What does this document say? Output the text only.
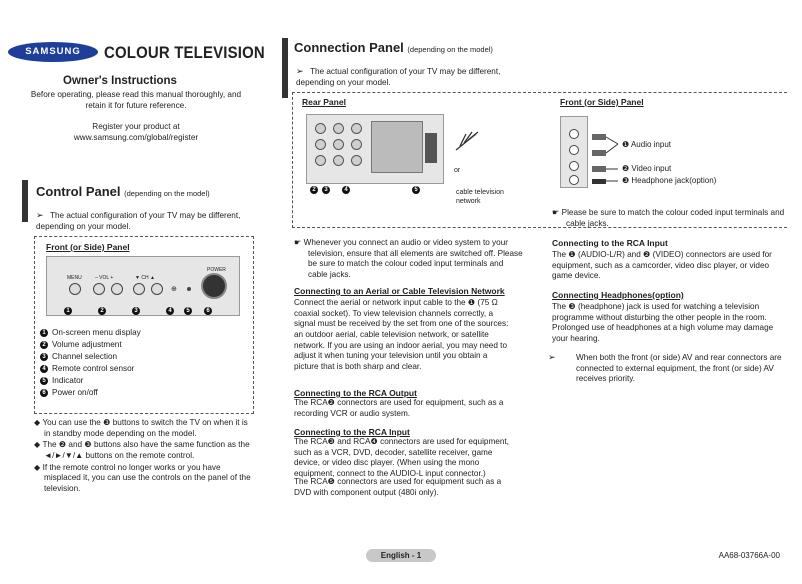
SAMSUNG	COLOUR TELEVISION
Owner's Instructions
Before operating, please read this manual thoroughly, and retain it for future reference.
Register your product at www.samsung.com/global/register
Control Panel (depending on the model)
➢ The actual configuration of your TV may be different, depending on your model.
Front (or Side) Panel
MENU	– VOL +	▼ CH ▲
⊕
POWER
1	2	3	4 5	6
1 On-screen menu display
2 Volume adjustment
3 Channel selection
4 Remote control sensor
5 Indicator
6 Power on/off
◆ You can use the ❸ buttons to switch the TV on when it is in standby mode depending on the model.
◆ The ❷ and ❸ buttons also have the same function as the ◄/►/▼/▲ buttons on the remote control.
◆ If the remote control no longer works or you have misplaced it, you can use the controls on the panel of the television.
Connection Panel (depending on the model)
➢ The actual configuration of your TV may be different, depending on your model.
Rear Panel
or
cable television network
2 3	4	5
Front (or Side) Panel
❶ Audio input
❷ Video input
❸ Headphone jack(option)
☛ Whenever you connect an audio or video system to your television, ensure that all elements are switched off. Please be sure to match the colour coded input terminals and cable jacks.
Connecting to an Aerial or Cable Television Network
Connect the aerial or network input cable to the ❶ (75 Ω coaxial socket). To view television channels correctly, a signal must be received by the set from one of the sources: an outdoor aerial, cable television network, or satellite network. If you are using an indoor aerial, you may need to adjust it when tuning your television until you obtain a picture that is both sharp and clear.
Connecting to the RCA Output
The RCA❷ connectors are used for equipment, such as a recording VCR or audio system.
Connecting to the RCA Input
The RCA❸ and RCA❹ connectors are used for equipment, such as a VCR, DVD, decoder, satellite receiver, game device, or video disc player. (When using the mono equipment, connect to the AUDIO-L input connector.)
The RCA❺ connectors are used for equipment such as a DVD with component output (480i only).
☛ Please be sure to match the colour coded input terminals and cable jacks.
Connecting to the RCA Input
The ❶ (AUDIO-L/R) and ❷ (VIDEO) connectors are used for equipment, such as a camcorder, video disc player, or video game device.
Connecting Headphones(option)
The ❸ (headphone) jack is used for watching a television programme without disturbing the other people in the room. Prolonged use of headphones at a high volume may damage your hearing.
➢ When both the front (or side) AV and rear connectors are connected to external equipment, the front (or side) AV receives priority.
English - 1	AA68-03766A-00
